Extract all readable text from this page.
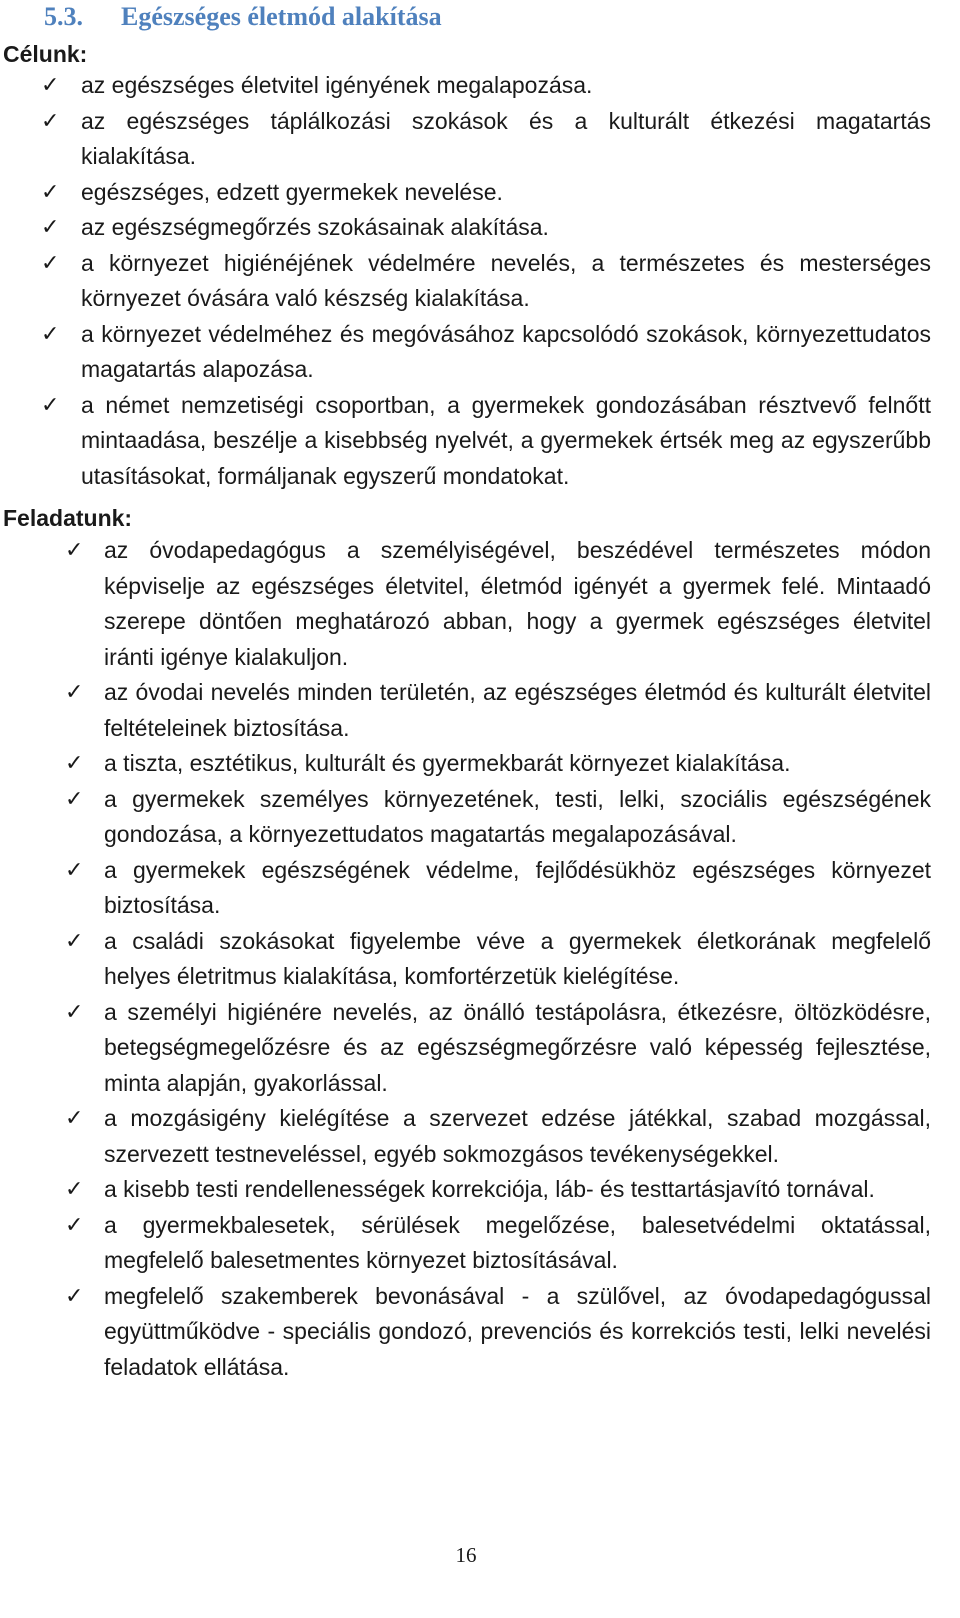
5.3. Egészséges életmód alakítása
Célunk:
✓ az egészséges életvitel igényének megalapozása.
✓ az egészséges táplálkozási szokások és a kulturált étkezési magatartás kialakítása.
✓ egészséges, edzett gyermekek nevelése.
✓ az egészségmegőrzés szokásainak alakítása.
✓ a környezet higiénéjének védelmére nevelés, a természetes és mesterséges környezet óvására való készség kialakítása.
✓ a környezet védelméhez és megóvásához kapcsolódó szokások, környezettudatos magatartás alapozása.
✓ a német nemzetiségi csoportban, a gyermekek gondozásában résztvevő felnőtt mintaadása, beszélje a kisebbség nyelvét, a gyermekek értsék meg az egyszerűbb utasításokat, formáljanak egyszerű mondatokat.
Feladatunk:
✓ az óvodapedagógus a személyiségével, beszédével természetes módon képviselje az egészséges életvitel, életmód igényét a gyermek felé. Mintaadó szerepe döntően meghatározó abban, hogy a gyermek egészséges életvitel iránti igénye kialakuljon.
✓ az óvodai nevelés minden területén, az egészséges életmód és kulturált életvitel feltételeinek biztosítása.
✓ a tiszta, esztétikus, kulturált és gyermekbarát környezet kialakítása.
✓ a gyermekek személyes környezetének, testi, lelki, szociális egészségének gondozása, a környezettudatos magatartás megalapozásával.
✓ a gyermekek egészségének védelme, fejlődésükhöz egészséges környezet biztosítása.
✓ a családi szokásokat figyelembe véve a gyermekek életkorának megfelelő helyes életritmus kialakítása, komfortérzetük kielégítése.
✓ a személyi higiénére nevelés, az önálló testápolásra, étkezésre, öltözködésre, betegségmegelőzésre és az egészségmegőrzésre való képesség fejlesztése, minta alapján, gyakorlással.
✓ a mozgásigény kielégítése a szervezet edzése játékkal, szabad mozgással, szervezett testneveléssel, egyéb sokmozgásos tevékenységekkel.
✓ a kisebb testi rendellenességek korrekciója, láb- és testtartásjavító tornával.
✓ a gyermekbalesetek, sérülések megelőzése, balesetvédelmi oktatással, megfelelő balesetmentes környezet biztosításával.
✓ megfelelő szakemberek bevonásával - a szülővel, az óvodapedagógussal együttműködve - speciális gondozó, prevenciós és korrekciós testi, lelki nevelési feladatok ellátása.
16
